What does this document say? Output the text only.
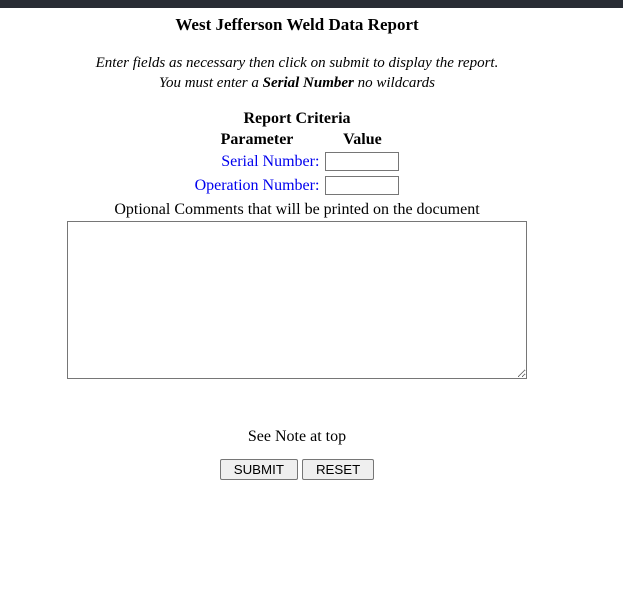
West Jefferson Weld Data Report
Enter fields as necessary then click on submit to display the report.
You must enter a Serial Number no wildcards
Report Criteria	
Parameter	Value
Serial Number:	
Operation Number:	
Optional Comments that will be printed on the document
See Note at top
SUBMIT RESET
